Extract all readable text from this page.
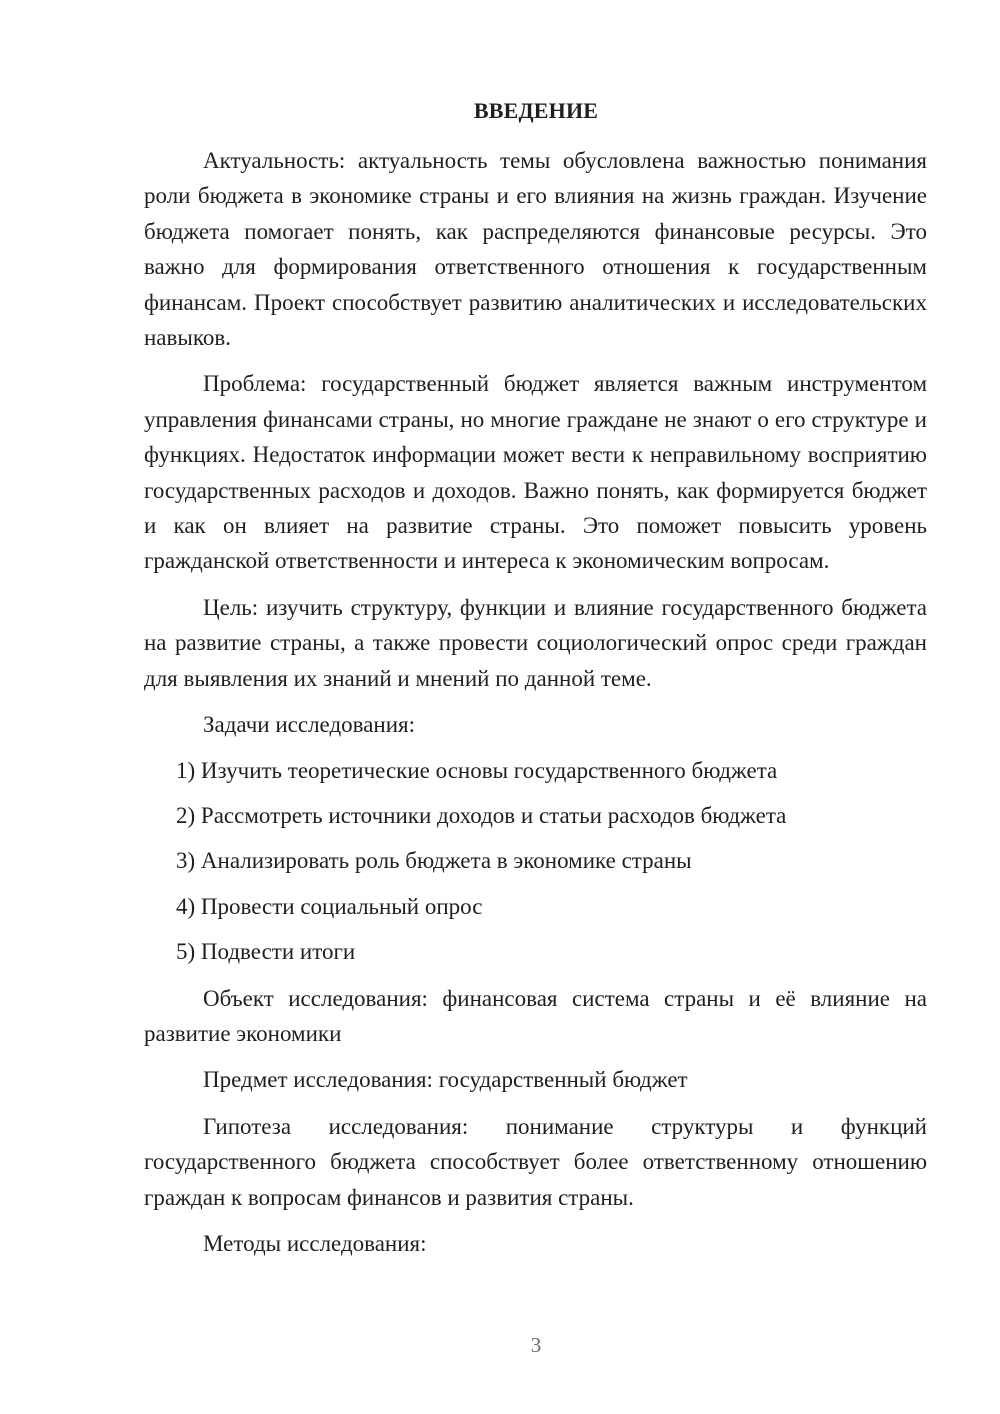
ВВЕДЕНИЕ

Актуальность: актуальность темы обусловлена важностью понимания роли бюджета в экономике страны и его влияния на жизнь граждан. Изучение бюджета помогает понять, как распределяются финансовые ресурсы. Это важно для формирования ответственного отношения к государственным финансам. Проект способствует развитию аналитических и исследовательских навыков.

Проблема: государственный бюджет является важным инструментом управления финансами страны, но многие граждане не знают о его структуре и функциях. Недостаток информации может вести к неправильному восприятию государственных расходов и доходов. Важно понять, как формируется бюджет и как он влияет на развитие страны. Это поможет повысить уровень гражданской ответственности и интереса к экономическим вопросам.

Цель: изучить структуру, функции и влияние государственного бюджета на развитие страны, а также провести социологический опрос среди граждан для выявления их знаний и мнений по данной теме.

Задачи исследования:

1) Изучить теоретические основы государственного бюджета

2) Рассмотреть источники доходов и статьи расходов бюджета

3) Анализировать роль бюджета в экономике страны

4) Провести социальный опрос

5) Подвести итоги

Объект исследования: финансовая система страны и её влияние на развитие экономики

Предмет исследования: государственный бюджет

Гипотеза исследования: понимание структуры и функций государственного бюджета способствует более ответственному отношению граждан к вопросам финансов и развития страны.

Методы исследования:

3
